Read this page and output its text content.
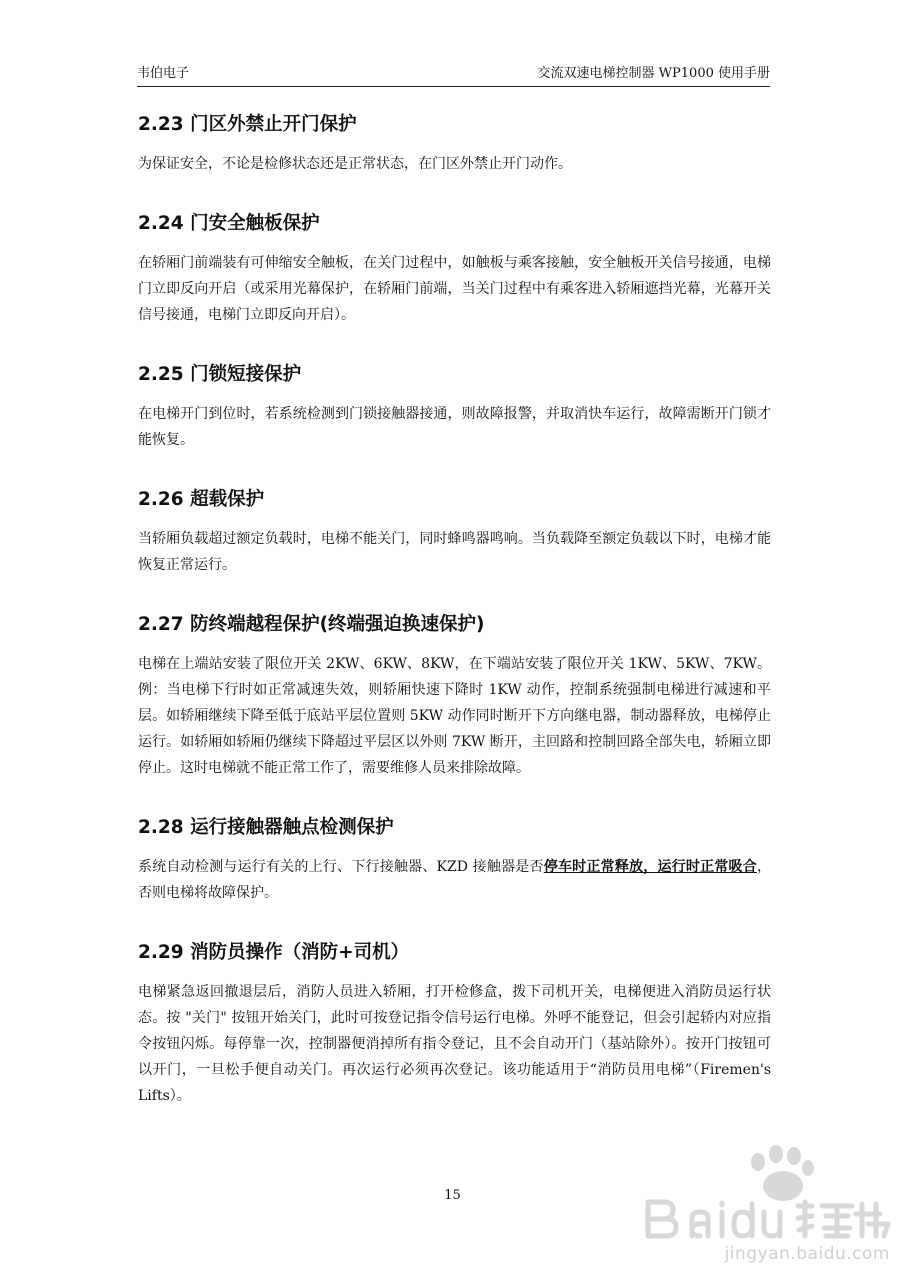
韦伯电子	交流双速电梯控制器 WP1000 使用手册
2.23 门区外禁止开门保护

为保证安全，不论是检修状态还是正常状态，在门区外禁止开门动作。

2.24 门安全触板保护

在轿厢门前端装有可伸缩安全触板，在关门过程中，如触板与乘客接触，安全触板开关信号接通，电梯门立即反向开启（或采用光幕保护，在轿厢门前端，当关门过程中有乘客进入轿厢遮挡光幕，光幕开关信号接通，电梯门立即反向开启）。

2.25 门锁短接保护

在电梯开门到位时，若系统检测到门锁接触器接通，则故障报警，并取消快车运行，故障需断开门锁才能恢复。

2.26 超载保护

当轿厢负载超过额定负载时，电梯不能关门，同时蜂鸣器鸣响。当负载降至额定负载以下时，电梯才能恢复正常运行。

2.27 防终端越程保护(终端强迫换速保护)

电梯在上端站安装了限位开关 2KW、6KW、8KW，在下端站安装了限位开关 1KW、5KW、7KW。例：当电梯下行时如正常减速失效，则轿厢快速下降时 1KW 动作，控制系统强制电梯进行减速和平层。如轿厢继续下降至低于底站平层位置则 5KW 动作同时断开下方向继电器，制动器释放，电梯停止运行。如轿厢如轿厢仍继续下降超过平层区以外则 7KW 断开，主回路和控制回路全部失电，轿厢立即停止。这时电梯就不能正常工作了，需要维修人员来排除故障。

2.28 运行接触器触点检测保护

系统自动检测与运行有关的上行、下行接触器、KZD 接触器是否停车时正常释放，运行时正常吸合，否则电梯将故障保护。

2.29 消防员操作（消防+司机）

电梯紧急返回撤退层后，消防人员进入轿厢，打开检修盒，拨下司机开关，电梯便进入消防员运行状态。按 "关门" 按钮开始关门，此时可按登记指令信号运行电梯。外呼不能登记，但会引起轿内对应指令按钮闪烁。每停靠一次，控制器便消掉所有指令登记，且不会自动开门（基站除外）。按开门按钮可以开门，一旦松手便自动关门。再次运行必须再次登记。该功能适用于“消防员用电梯”（Firemen's Lifts）。

15
jingyan.baidu.com
